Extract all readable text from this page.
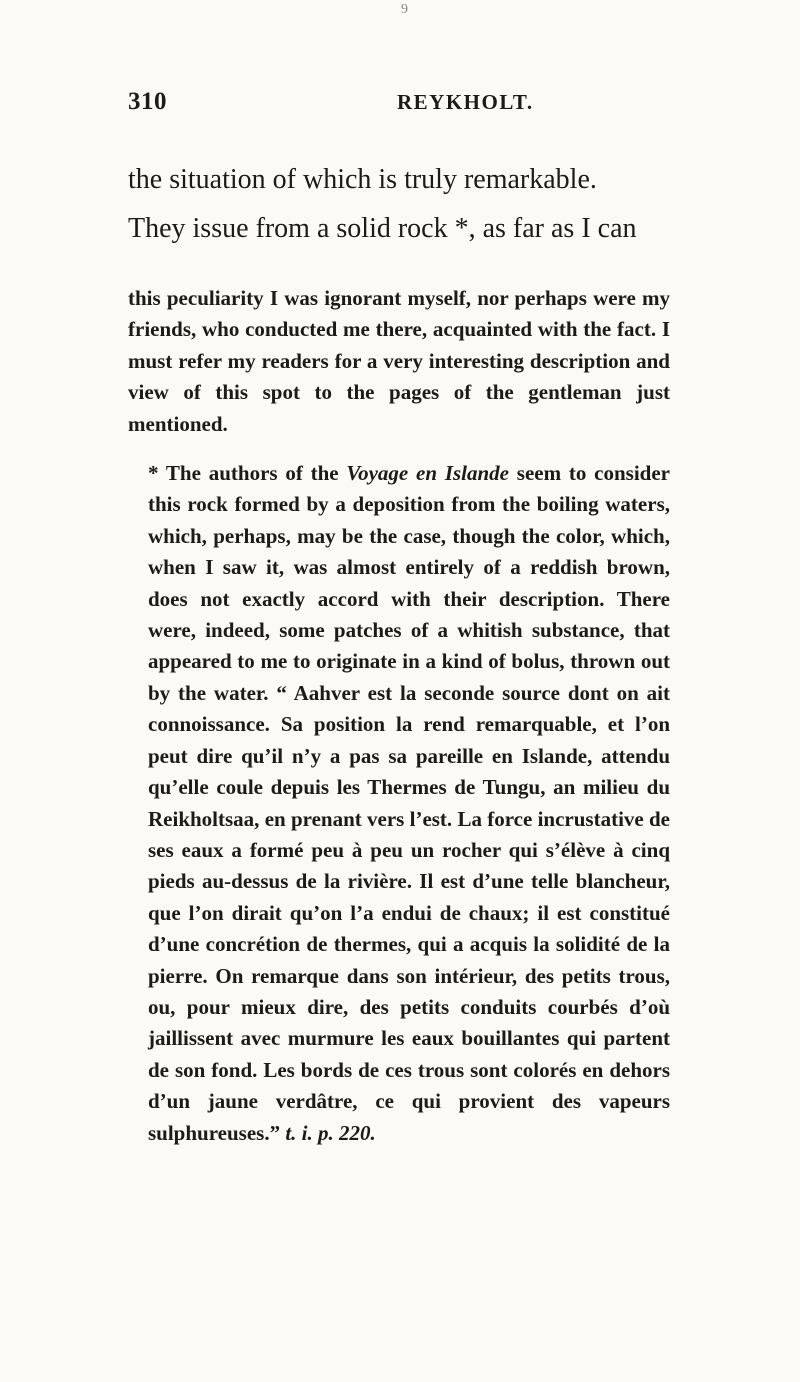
9
310	REYKHOLT.
the situation of which is truly remarkable.
They issue from a solid rock *, as far as I can

this peculiarity I was ignorant myself, nor perhaps were my friends, who conducted me there, acquainted with the fact. I must refer my readers for a very interesting description and view of this spot to the pages of the gentleman just mentioned.

* The authors of the Voyage en Islande seem to consider this rock formed by a deposition from the boiling waters, which, perhaps, may be the case, though the color, which, when I saw it, was almost entirely of a reddish brown, does not exactly accord with their description. There were, indeed, some patches of a whitish substance, that appeared to me to originate in a kind of bolus, thrown out by the water. “ Aahver est la seconde source dont on ait connoissance. Sa position la rend remarquable, et l’on peut dire qu’il n’y a pas sa pareille en Islande, attendu qu’elle coule depuis les Thermes de Tungu, an milieu du Reikholtsaa, en prenant vers l’est. La force incrustative de ses eaux a formé peu à peu un rocher qui s’élève à cinq pieds au-dessus de la rivière. Il est d’une telle blancheur, que l’on dirait qu’on l’a endui de chaux; il est constitué d’une concrétion de thermes, qui a acquis la solidité de la pierre. On remarque dans son intérieur, des petits trous, ou, pour mieux dire, des petits conduits courbés d’où jaillissent avec murmure les eaux bouillantes qui partent de son fond. Les bords de ces trous sont colorés en dehors d’un jaune verdâtre, ce qui provient des vapeurs sulphureuses.” t. i. p. 220.
